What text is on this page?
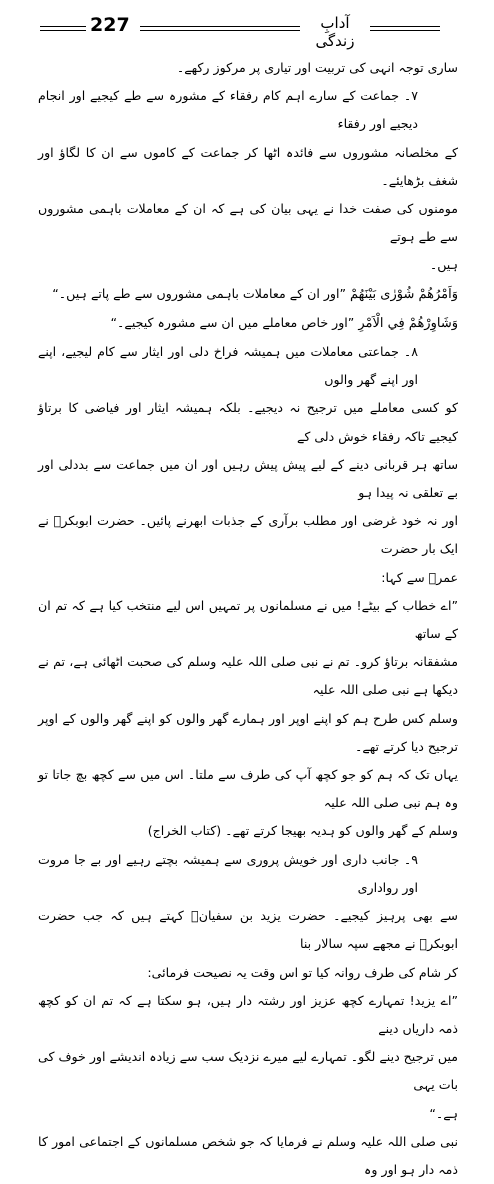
227	آدابِ زندگی

ساری توجہ انہی کی تربیت اور تیاری پر مرکوز رکھے۔

۷۔ جماعت کے سارے اہم کام رفقاء کے مشورہ سے طے کیجیے اور انجام دیجیے اور رفقاء

کے مخلصانہ مشوروں سے فائدہ اٹھا کر جماعت کے کاموں سے ان کا لگاؤ اور شغف بڑھایئے۔

مومنوں کی صفت خدا نے یہی بیان کی ہے کہ ان کے معاملات باہمی مشوروں سے طے ہوتے

ہیں۔

وَاَمْرُهُمْ شُوْرٰى بَيْنَهُمْ ”اور ان کے معاملات باہمی مشوروں سے طے پاتے ہیں۔“

وَشَاوِرْهُمْ فِي الْاَمْرِ ”اور خاص معاملے میں ان سے مشورہ کیجیے۔“

۸۔ جماعتی معاملات میں ہمیشہ فراخ دلی اور ایثار سے کام لیجیے، اپنے اور اپنے گھر والوں

کو کسی معاملے میں ترجیح نہ دیجیے۔ بلکہ ہمیشہ ایثار اور فیاضی کا برتاؤ کیجیے تاکہ رفقاء خوش دلی کے

ساتھ ہر قربانی دینے کے لیے پیش پیش رہیں اور ان میں جماعت سے بددلی اور بے تعلقی نہ پیدا ہو

اور نہ خود غرضی اور مطلب برآری کے جذبات ابھرنے پائیں۔ حضرت ابوبکرؓ نے ایک بار حضرت

عمرؓ سے کہا:

”اے خطاب کے بیٹے! میں نے مسلمانوں پر تمہیں اس لیے منتخب کیا ہے کہ تم ان کے ساتھ

مشفقانہ برتاؤ کرو۔ تم نے نبی صلی اللہ علیہ وسلم کی صحبت اٹھائی ہے، تم نے دیکھا ہے نبی صلی اللہ علیہ

وسلم کس طرح ہم کو اپنے اوپر اور ہمارے گھر والوں کو اپنے گھر والوں کے اوپر ترجیح دیا کرتے تھے۔

یہاں تک کہ ہم کو جو کچھ آپ کی طرف سے ملتا۔ اس میں سے کچھ بچ جاتا تو وہ ہم نبی صلی اللہ علیہ

وسلم کے گھر والوں کو ہدیہ بھیجا کرتے تھے۔ (کتاب الخراج)

۹۔ جانب داری اور خویش پروری سے ہمیشہ بچتے رہیے اور بے جا مروت اور رواداری

سے بھی پرہیز کیجیے۔ حضرت یزید بن سفیانؓ کہتے ہیں کہ جب حضرت ابوبکرؓ نے مجھے سپہ سالار بنا

کر شام کی طرف روانہ کیا تو اس وقت یہ نصیحت فرمائی:

”اے یزید! تمہارے کچھ عزیز اور رشتہ دار ہیں، ہو سکتا ہے کہ تم ان کو کچھ ذمہ داریاں دینے

میں ترجیح دینے لگو۔ تمہارے لیے میرے نزدیک سب سے زیادہ اندیشے اور خوف کی بات یہی

ہے۔“

نبی صلی اللہ علیہ وسلم نے فرمایا کہ جو شخص مسلمانوں کے اجتماعی امور کا ذمہ دار ہو اور وہ
